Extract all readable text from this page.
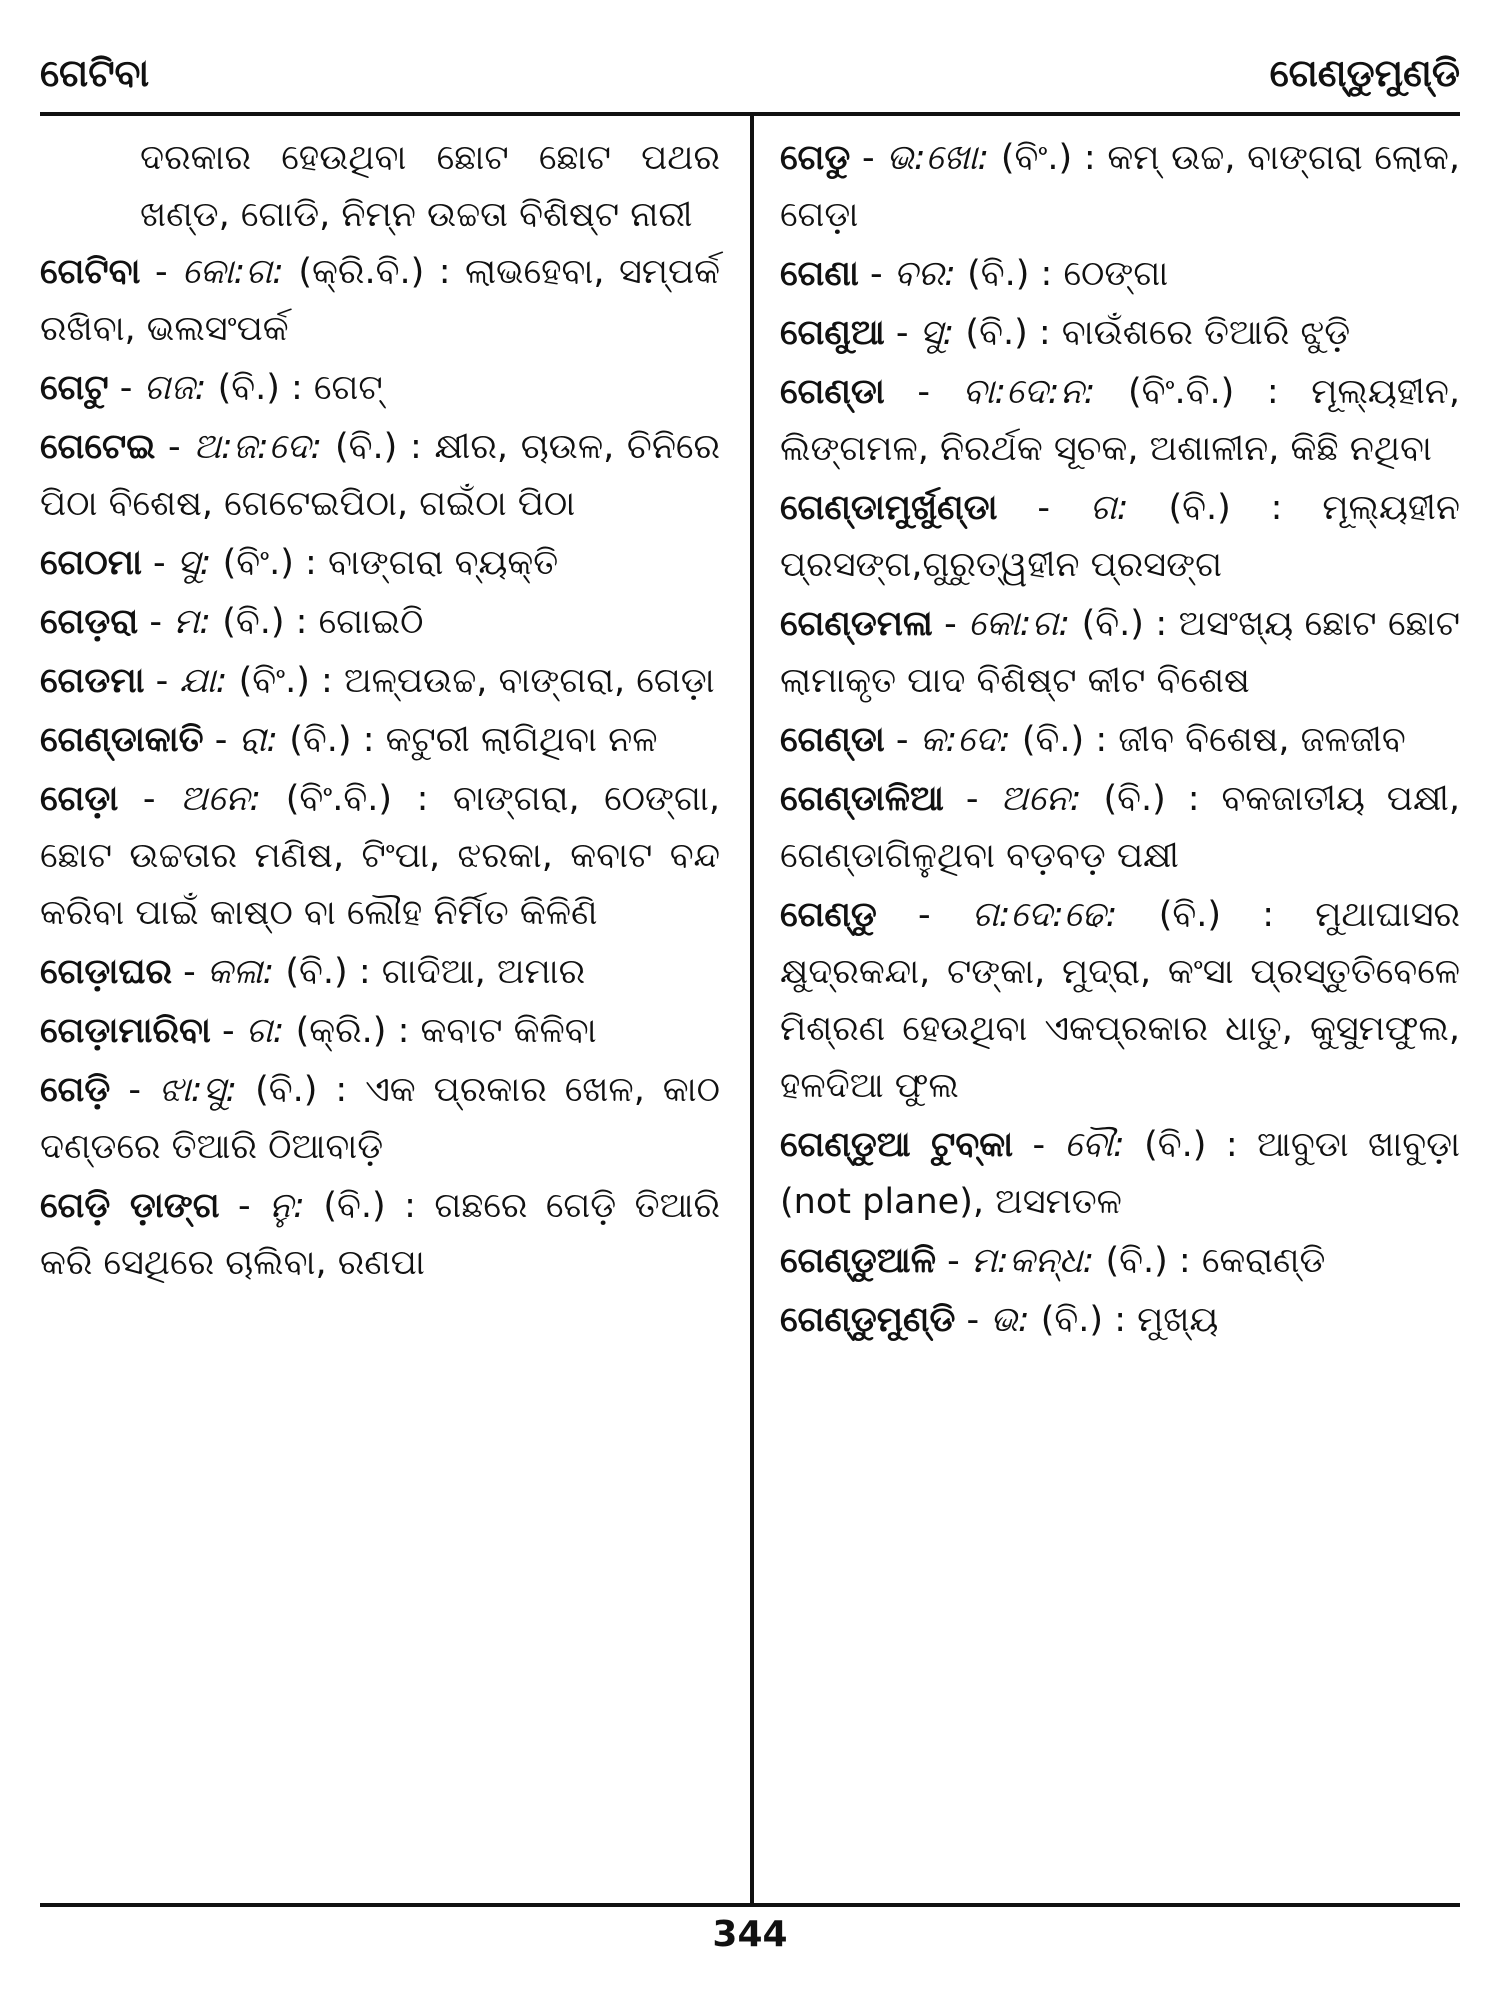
ଗେଟିବା	ଗେଣ୍ଡୁମୁଣ୍ଡି
ଦରକାର ହେଉଥିବା ଛୋଟ ଛୋଟ ପଥର ଖଣ୍ଡ, ଗୋଡି, ନିମ୍ନ ଉଚ୍ଚତା ବିଶିଷ୍ଟ ନାରୀ
ଗେଟିବା - କୋ:ଗ: (କ୍ରି.ବି.) : ଲାଭହେବା, ସମ୍ପର୍କ ରଖିବା, ଭଲସଂପର୍କ
ଗେଟୁ - ଗଜ: (ବି.) : ଗେଟ୍
ଗେଟେଇ - ଅ:ଜ:ଦେ: (ବି.) : କ୍ଷୀର, ଚାଉଳ, ଚିନିରେ ପିଠା ବିଶେଷ, ଗେଟେଇପିଠା, ଗଇଁଠା ପିଠା
ଗେଠମା - ସୁ: (ବିଂ.) : ବାଙ୍ଗରା ବ୍ୟକ୍ତି
ଗେଡ଼ରା - ମ: (ବି.) : ଗୋଇଠି
ଗେଡମା - ଯା: (ବିଂ.) : ଅଳ୍ପଉଚ୍ଚ, ବାଙ୍ଗରା, ଗେଡ଼ା
ଗେଣ୍ଡାକାତି - ରା: (ବି.) : କଟୁରୀ ଲାଗିଥିବା ନଳ
ଗେଡ଼ା - ଅନେ: (ବିଂ.ବି.) : ବାଙ୍ଗରା, ଠେଙ୍ଗା, ଛୋଟ ଉଚ୍ଚତାର ମଣିଷ, ଟିଂପା, ଝରକା, କବାଟ ବନ୍ଦ କରିବା ପାଇଁ କାଷ୍ଠ ବା ଲୌହ ନିର୍ମିତ କିଳିଣି
ଗେଡ଼ାଘର - କଳା: (ବି.) : ଗାଦିଆ, ଅମାର
ଗେଡ଼ାମାରିବା - ଗ: (କ୍ରି.) : କବାଟ କିଳିବା
ଗେଡ଼ି - ଝା:ସୁ: (ବି.) : ଏକ ପ୍ରକାର ଖେଳ, କାଠ ଦଣ୍ଡରେ ତିଆରି ଠିଆବାଡ଼ି
ଗେଡ଼ି ଡ଼ାଙ୍ଗ - ନୁ: (ବି.) : ଗଛରେ ଗେଡ଼ି ତିଆରି କରି ସେଥିରେ ଚାଲିବା, ରଣପା
ଗେଡୁ - ଭ:ଖୋ: (ବିଂ.) : କମ୍ ଉଚ୍ଚ, ବାଙ୍ଗରା ଲୋକ, ଗେଡ଼ା
ଗେଣା - ବର: (ବି.) : ଠେଙ୍ଗା
ଗେଣୁଆ - ସୁ: (ବି.) : ବାଉଁଶରେ ତିଆରି ଝୁଡ଼ି
ଗେଣ୍ଡା - ବା:ଦେ:ନ: (ବିଂ.ବି.) : ମୂଲ୍ୟହୀନ, ଲିଙ୍ଗମଳ, ନିରର୍ଥକ ସୂଚକ, ଅଶାଳୀନ, କିଛି ନଥିବା
ଗେଣ୍ଡାମୁର୍ଖୁଣ୍ଡା - ଗ: (ବି.) : ମୂଲ୍ୟହୀନ ପ୍ରସଙ୍ଗ,ଗୁରୁତ୍ୱହୀନ ପ୍ରସଙ୍ଗ
ଗେଣ୍ଡମଳା - କୋ:ଗ: (ବି.) : ଅସଂଖ୍ୟ ଛୋଟ ଛୋଟ ଲାମାକୃତ ପାଦ ବିଶିଷ୍ଟ କୀଟ ବିଶେଷ
ଗେଣ୍ଡା - କ:ଦେ: (ବି.) : ଜୀବ ବିଶେଷ, ଜଳଜୀବ
ଗେଣ୍ଡାଳିଆ - ଅନେ: (ବି.) : ବକଜାତୀୟ ପକ୍ଷୀ, ଗେଣ୍ଡାଗିଳୁଥିବା ବଡ଼ବଡ଼ ପକ୍ଷୀ
ଗେଣ୍ଡୁ - ଗ:ଦେ:ଢେ: (ବି.) : ମୁଥାଘାସର କ୍ଷୁଦ୍ରକନ୍ଦା, ଟଙ୍କା, ମୁଦ୍ରା, କଂସା ପ୍ରସ୍ତୁତିବେଳେ ମିଶ୍ରଣ ହେଉଥିବା ଏକପ୍ରକାର ଧାତୁ, କୁସୁମଫୁଲ, ହଳଦିଆ ଫୁଲ
ଗେଣ୍ଡୁଆ ଟୁବ୍‌କା - ବୌ: (ବି.) : ଆବୁଡା ଖାବୁଡ଼ା (not plane), ଅସମତଳ
ଗେଣ୍ଡୁଆଳି - ମ:କନ୍ଧ: (ବି.) : କେରାଣ୍ଡି
ଗେଣ୍ଡୁମୁଣ୍ଡି - ଭ: (ବି.) : ମୁଖ୍ୟ
344
